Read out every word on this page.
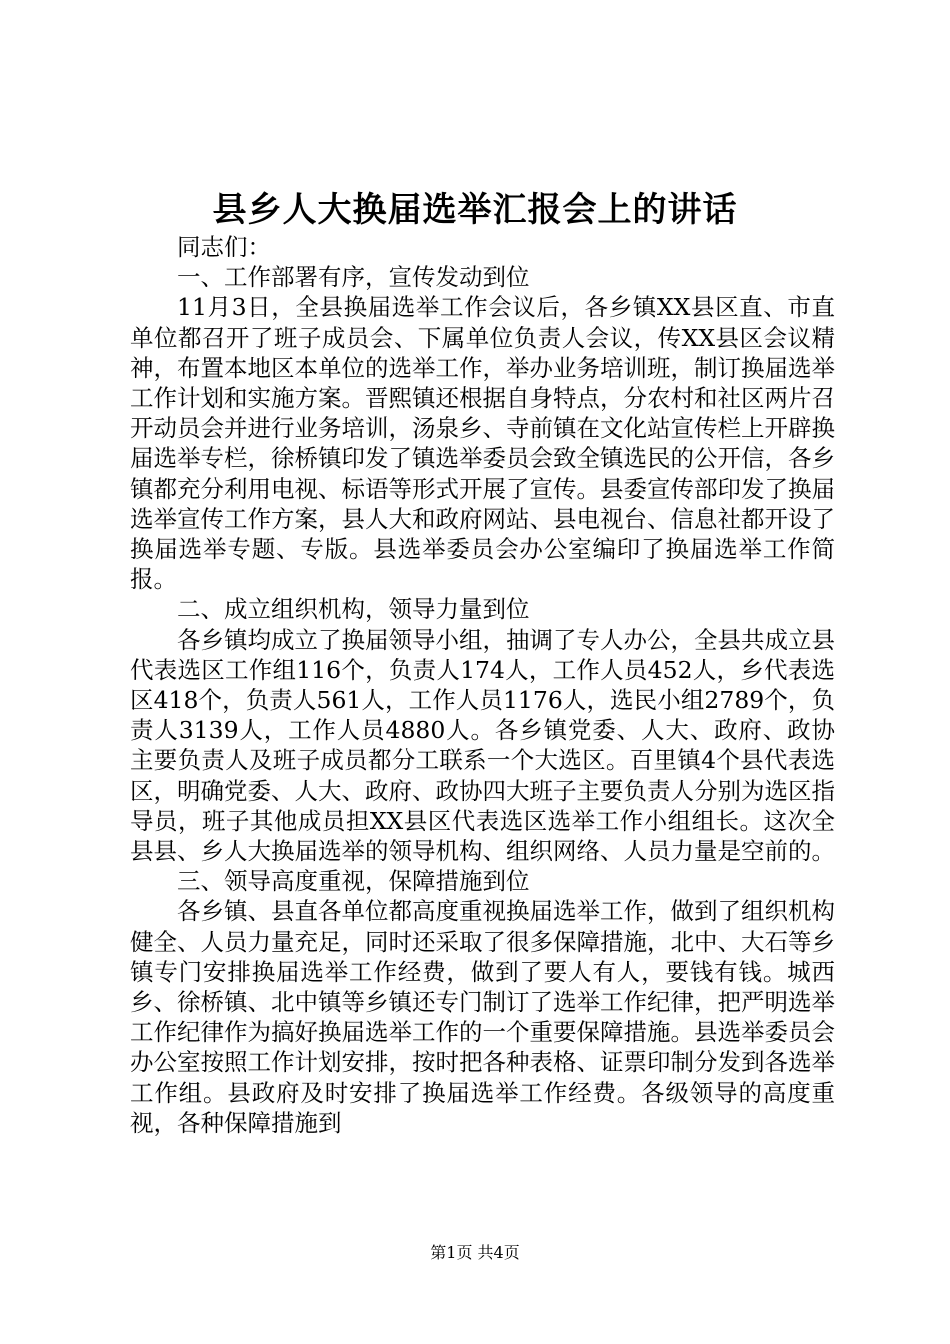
县乡人大换届选举汇报会上的讲话

同志们：

一、工作部署有序，宣传发动到位

11月3日，全县换届选举工作会议后，各乡镇XX县区直、市直单位都召开了班子成员会、下属单位负责人会议，传XX县区会议精神，布置本地区本单位的选举工作，举办业务培训班，制订换届选举工作计划和实施方案。晋熙镇还根据自身特点，分农村和社区两片召开动员会并进行业务培训，汤泉乡、寺前镇在文化站宣传栏上开辟换届选举专栏，徐桥镇印发了镇选举委员会致全镇选民的公开信，各乡镇都充分利用电视、标语等形式开展了宣传。县委宣传部印发了换届选举宣传工作方案，县人大和政府网站、县电视台、信息社都开设了换届选举专题、专版。县选举委员会办公室编印了换届选举工作简报。

二、成立组织机构，领导力量到位

各乡镇均成立了换届领导小组，抽调了专人办公，全县共成立县代表选区工作组116个，负责人174人，工作人员452人，乡代表选区418个，负责人561人，工作人员1176人，选民小组2789个，负责人3139人，工作人员4880人。各乡镇党委、人大、政府、政协主要负责人及班子成员都分工联系一个大选区。百里镇4个县代表选区，明确党委、人大、政府、政协四大班子主要负责人分别为选区指导员，班子其他成员担XX县区代表选区选举工作小组组长。这次全县县、乡人大换届选举的领导机构、组织网络、人员力量是空前的。

三、领导高度重视，保障措施到位

各乡镇、县直各单位都高度重视换届选举工作，做到了组织机构健全、人员力量充足，同时还采取了很多保障措施，北中、大石等乡镇专门安排换届选举工作经费，做到了要人有人，要钱有钱。城西乡、徐桥镇、北中镇等乡镇还专门制订了选举工作纪律，把严明选举工作纪律作为搞好换届选举工作的一个重要保障措施。县选举委员会办公室按照工作计划安排，按时把各种表格、证票印制分发到各选举工作组。县政府及时安排了换届选举工作经费。各级领导的高度重视，各种保障措施到

第1页 共4页
